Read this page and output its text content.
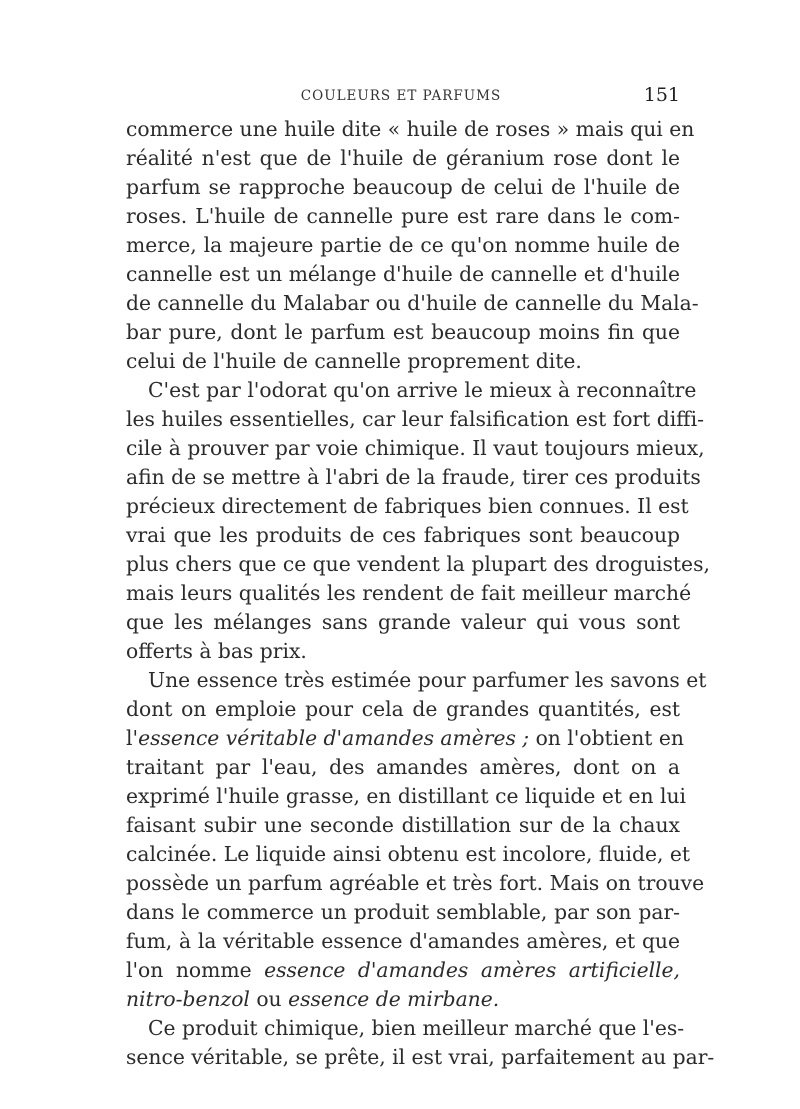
COULEURS ET PARFUMS	151
commerce une huile dite « huile de roses » mais qui en
réalité n'est que de l'huile de géranium rose dont le
parfum se rapproche beaucoup de celui de l'huile de
roses. L'huile de cannelle pure est rare dans le com-
merce, la majeure partie de ce qu'on nomme huile de
cannelle est un mélange d'huile de cannelle et d'huile
de cannelle du Malabar ou d'huile de cannelle du Mala-
bar pure, dont le parfum est beaucoup moins fin que
celui de l'huile de cannelle proprement dite.
C'est par l'odorat qu'on arrive le mieux à reconnaître
les huiles essentielles, car leur falsification est fort diffi-
cile à prouver par voie chimique. Il vaut toujours mieux,
afin de se mettre à l'abri de la fraude, tirer ces produits
précieux directement de fabriques bien connues. Il est
vrai que les produits de ces fabriques sont beaucoup
plus chers que ce que vendent la plupart des droguistes,
mais leurs qualités les rendent de fait meilleur marché
que les mélanges sans grande valeur qui vous sont
offerts à bas prix.
Une essence très estimée pour parfumer les savons et
dont on emploie pour cela de grandes quantités, est
l'essence véritable d'amandes amères ; on l'obtient en
traitant par l'eau, des amandes amères, dont on a
exprimé l'huile grasse, en distillant ce liquide et en lui
faisant subir une seconde distillation sur de la chaux
calcinée. Le liquide ainsi obtenu est incolore, fluide, et
possède un parfum agréable et très fort. Mais on trouve
dans le commerce un produit semblable, par son par-
fum, à la véritable essence d'amandes amères, et que
l'on nomme essence d'amandes amères artificielle,
nitro-benzol ou essence de mirbane.
Ce produit chimique, bien meilleur marché que l'es-
sence véritable, se prête, il est vrai, parfaitement au par-
